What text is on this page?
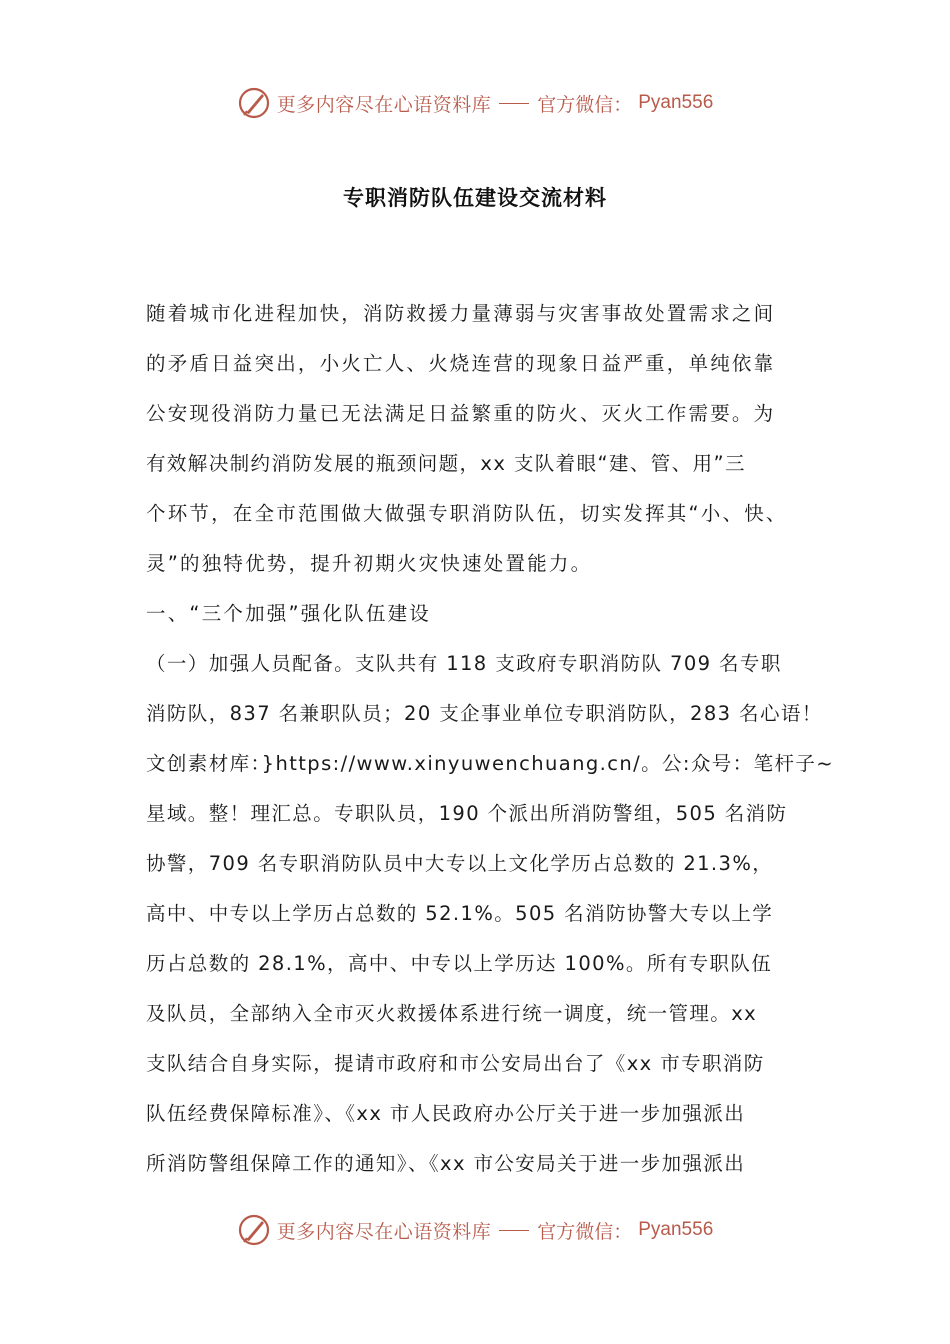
更多内容尽在心语资料库 官方微信： Pyan556
专职消防队伍建设交流材料
随着城市化进程加快，消防救援力量薄弱与灾害事故处置需求之间
的矛盾日益突出，小火亡人、火烧连营的现象日益严重，单纯依靠
公安现役消防力量已无法满足日益繁重的防火、灭火工作需要。为
有效解决制约消防发展的瓶颈问题，xx 支队着眼“建、管、用”三
个环节，在全市范围做大做强专职消防队伍，切实发挥其“小、快、
灵”的独特优势，提升初期火灾快速处置能力。
一、“三个加强”强化队伍建设
（一）加强人员配备。支队共有 118 支政府专职消防队 709 名专职
消防队，837 名兼职队员；20 支企事业单位专职消防队，283 名心语！
文创素材库：}https://www.xinyuwenchuang.cn/。公:众号：笔杆子~
星域。整！理汇总。专职队员，190 个派出所消防警组，505 名消防
协警，709 名专职消防队员中大专以上文化学历占总数的 21.3%，
高中、中专以上学历占总数的 52.1%。505 名消防协警大专以上学
历占总数的 28.1%，高中、中专以上学历达 100%。所有专职队伍
及队员，全部纳入全市灭火救援体系进行统一调度，统一管理。xx
支队结合自身实际，提请市政府和市公安局出台了《xx 市专职消防
队伍经费保障标准》、《xx 市人民政府办公厅关于进一步加强派出
所消防警组保障工作的通知》、《xx 市公安局关于进一步加强派出
更多内容尽在心语资料库 官方微信： Pyan556
